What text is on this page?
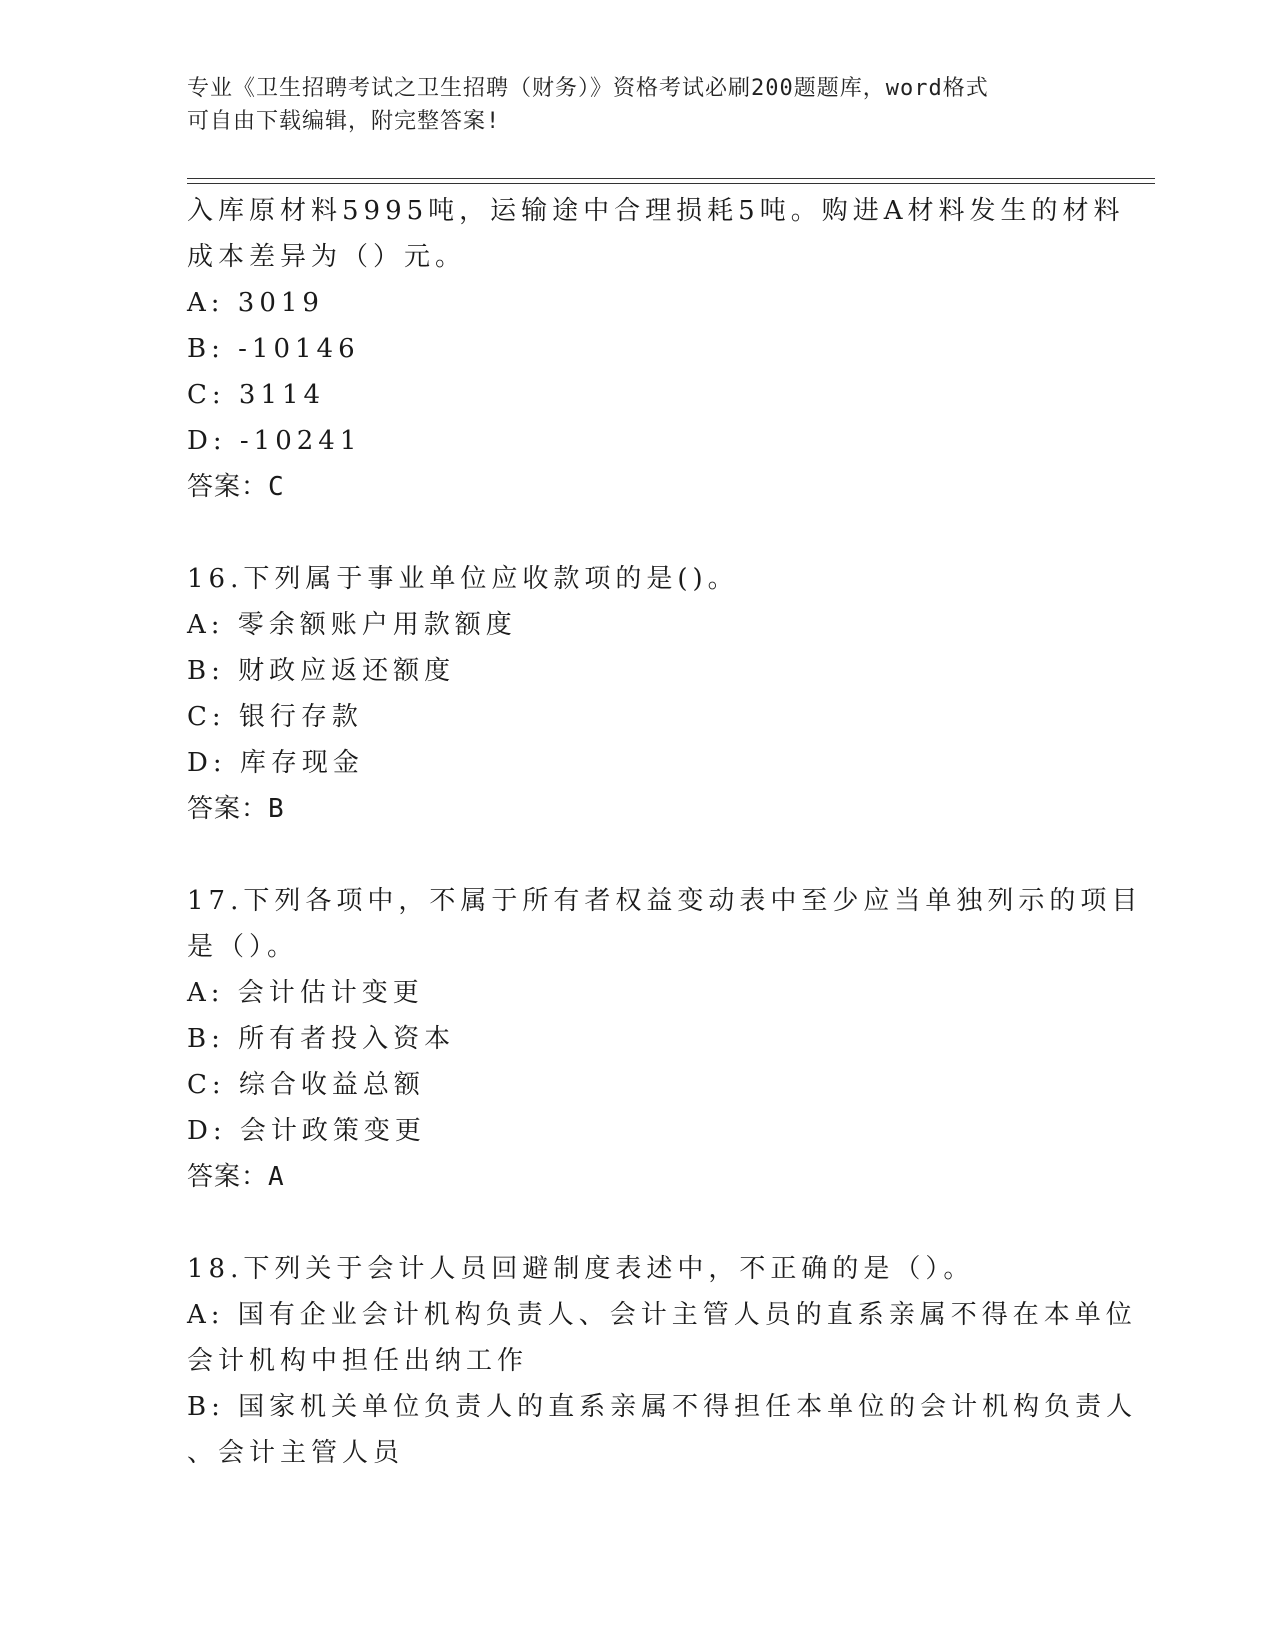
专业《卫生招聘考试之卫生招聘（财务）》资格考试必刷200题题库，word格式
可自由下载编辑，附完整答案!
入库原材料5995吨，运输途中合理损耗5吨。购进A材料发生的材料
成本差异为（）元。
A: 3019
B: -10146
C: 3114
D: -10241
答案：C
16.下列属于事业单位应收款项的是()。
A: 零余额账户用款额度
B: 财政应返还额度
C: 银行存款
D: 库存现金
答案：B
17.下列各项中，不属于所有者权益变动表中至少应当单独列示的项目
是（）。
A: 会计估计变更
B: 所有者投入资本
C: 综合收益总额
D: 会计政策变更
答案：A
18.下列关于会计人员回避制度表述中，不正确的是（）。
A: 国有企业会计机构负责人、会计主管人员的直系亲属不得在本单位
会计机构中担任出纳工作
B: 国家机关单位负责人的直系亲属不得担任本单位的会计机构负责人
、会计主管人员
